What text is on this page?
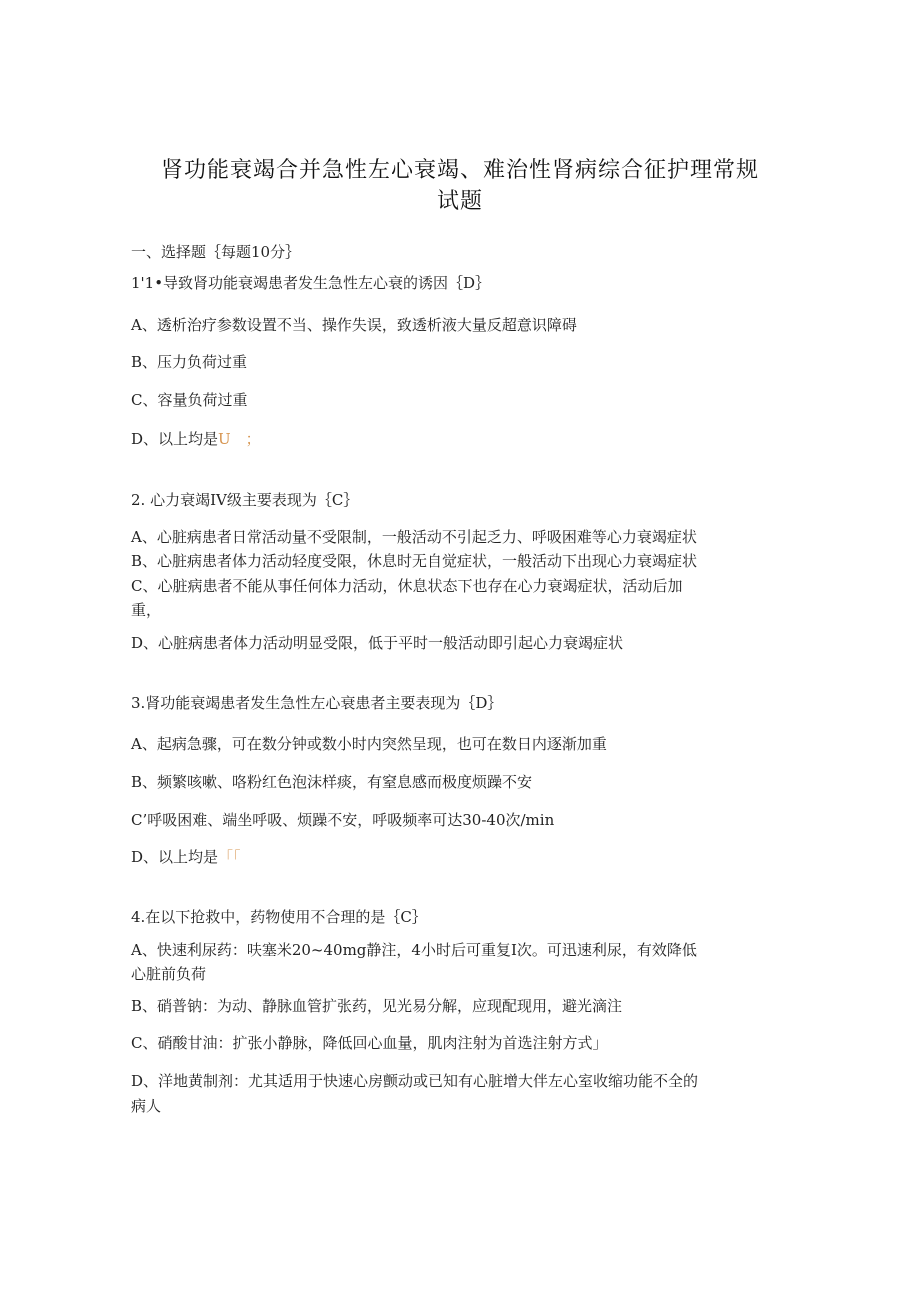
肾功能衰竭合并急性左心衰竭、难治性肾病综合征护理常规
试题
一、选择题｛每题10分｝
1'1•导致肾功能衰竭患者发生急性左心衰的诱因｛D｝
A、透析治疗参数设置不当、操作失误，致透析液大量反超意识障碍
B、压力负荷过重
C、容量负荷过重
D、以上均是U　；
2. 心力衰竭IV级主要表现为｛C｝
A、心脏病患者日常活动量不受限制，一般活动不引起乏力、呼吸困难等心力衰竭症状
B、心脏病患者体力活动轻度受限，休息时无自觉症状，一般活动下出现心力衰竭症状
C、心脏病患者不能从事任何体力活动，休息状态下也存在心力衰竭症状，活动后加
重，
D、心脏病患者体力活动明显受限，低于平时一般活动即引起心力衰竭症状
3.肾功能衰竭患者发生急性左心衰患者主要表现为｛D｝
A、起病急骤，可在数分钟或数小时内突然呈现，也可在数日内逐渐加重
B、频繁咳嗽、咯粉红色泡沫样痰，有窒息感而极度烦躁不安
C’呼吸困难、端坐呼吸、烦躁不安，呼吸频率可达30-40次/min
D、以上均是「「
4.在以下抢救中，药物使用不合理的是｛C｝
A、快速利尿药：呋塞米20~40mg静注，4小时后可重复I次。可迅速利尿，有效降低
心脏前负荷
B、硝普钠：为动、静脉血管扩张药，见光易分解，应现配现用，避光滴注
C、硝酸甘油：扩张小静脉，降低回心血量，肌肉注射为首选注射方式」
D、洋地黄制剂：尤其适用于快速心房颤动或已知有心脏增大伴左心室收缩功能不全的
病人
